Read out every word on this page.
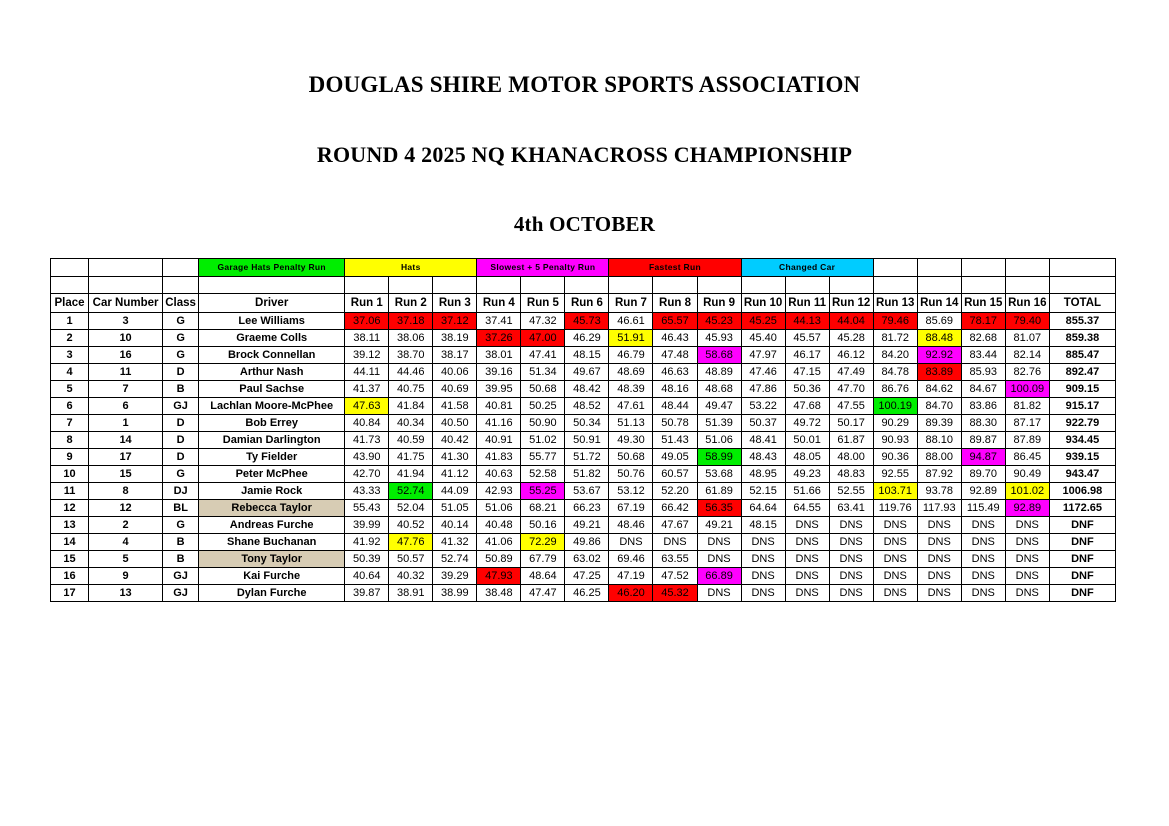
DOUGLAS SHIRE MOTOR SPORTS ASSOCIATION
ROUND 4 2025 NQ KHANACROSS CHAMPIONSHIP
4th OCTOBER
			Garage Hats Penalty Run	Hats			Slowest + 5 Penalty Run			Fastest Run			Changed Car							

Place	Car Number	Class	Driver	Run 1	Run 2	Run 3	Run 4	Run 5	Run 6	Run 7	Run 8	Run 9	Run 10	Run 11	Run 12	Run 13	Run 14	Run 15	Run 16	TOTAL
1	3	G	Lee Williams	37.06	37.18	37.12	37.41	47.32	45.73	46.61	65.57	45.23	45.25	44.13	44.04	79.46	85.69	78.17	79.40	855.37
2	10	G	Graeme Colls	38.11	38.06	38.19	37.26	47.00	46.29	51.91	46.43	45.93	45.40	45.57	45.28	81.72	88.48	82.68	81.07	859.38
3	16	G	Brock Connellan	39.12	38.70	38.17	38.01	47.41	48.15	46.79	47.48	58.68	47.97	46.17	46.12	84.20	92.92	83.44	82.14	885.47
4	11	D	Arthur Nash	44.11	44.46	40.06	39.16	51.34	49.67	48.69	46.63	48.89	47.46	47.15	47.49	84.78	83.89	85.93	82.76	892.47
5	7	B	Paul Sachse	41.37	40.75	40.69	39.95	50.68	48.42	48.39	48.16	48.68	47.86	50.36	47.70	86.76	84.62	84.67	100.09	909.15
6	6	GJ	Lachlan Moore-McPhee	47.63	41.84	41.58	40.81	50.25	48.52	47.61	48.44	49.47	53.22	47.68	47.55	100.19	84.70	83.86	81.82	915.17
7	1	D	Bob Errey	40.84	40.34	40.50	41.16	50.90	50.34	51.13	50.78	51.39	50.37	49.72	50.17	90.29	89.39	88.30	87.17	922.79
8	14	D	Damian Darlington	41.73	40.59	40.42	40.91	51.02	50.91	49.30	51.43	51.06	48.41	50.01	61.87	90.93	88.10	89.87	87.89	934.45
9	17	D	Ty Fielder	43.90	41.75	41.30	41.83	55.77	51.72	50.68	49.05	58.99	48.43	48.05	48.00	90.36	88.00	94.87	86.45	939.15
10	15	G	Peter McPhee	42.70	41.94	41.12	40.63	52.58	51.82	50.76	60.57	53.68	48.95	49.23	48.83	92.55	87.92	89.70	90.49	943.47
11	8	DJ	Jamie Rock	43.33	52.74	44.09	42.93	55.25	53.67	53.12	52.20	61.89	52.15	51.66	52.55	103.71	93.78	92.89	101.02	1006.98
12	12	BL	Rebecca Taylor	55.43	52.04	51.05	51.06	68.21	66.23	67.19	66.42	56.35	64.64	64.55	63.41	119.76	117.93	115.49	92.89	1172.65
13	2	G	Andreas Furche	39.99	40.52	40.14	40.48	50.16	49.21	48.46	47.67	49.21	48.15	DNS	DNS	DNS	DNS	DNS	DNS	DNF
14	4	B	Shane Buchanan	41.92	47.76	41.32	41.06	72.29	49.86	DNS	DNS	DNS	DNS	DNS	DNS	DNS	DNS	DNS	DNS	DNF
15	5	B	Tony Taylor	50.39	50.57	52.74	50.89	67.79	63.02	69.46	63.55	DNS	DNS	DNS	DNS	DNS	DNS	DNS	DNS	DNF
16	9	GJ	Kai Furche	40.64	40.32	39.29	47.93	48.64	47.25	47.19	47.52	66.89	DNS	DNS	DNS	DNS	DNS	DNS	DNS	DNF
17	13	GJ	Dylan Furche	39.87	38.91	38.99	38.48	47.47	46.25	46.20	45.32	DNS	DNS	DNS	DNS	DNS	DNS	DNS	DNS	DNF
